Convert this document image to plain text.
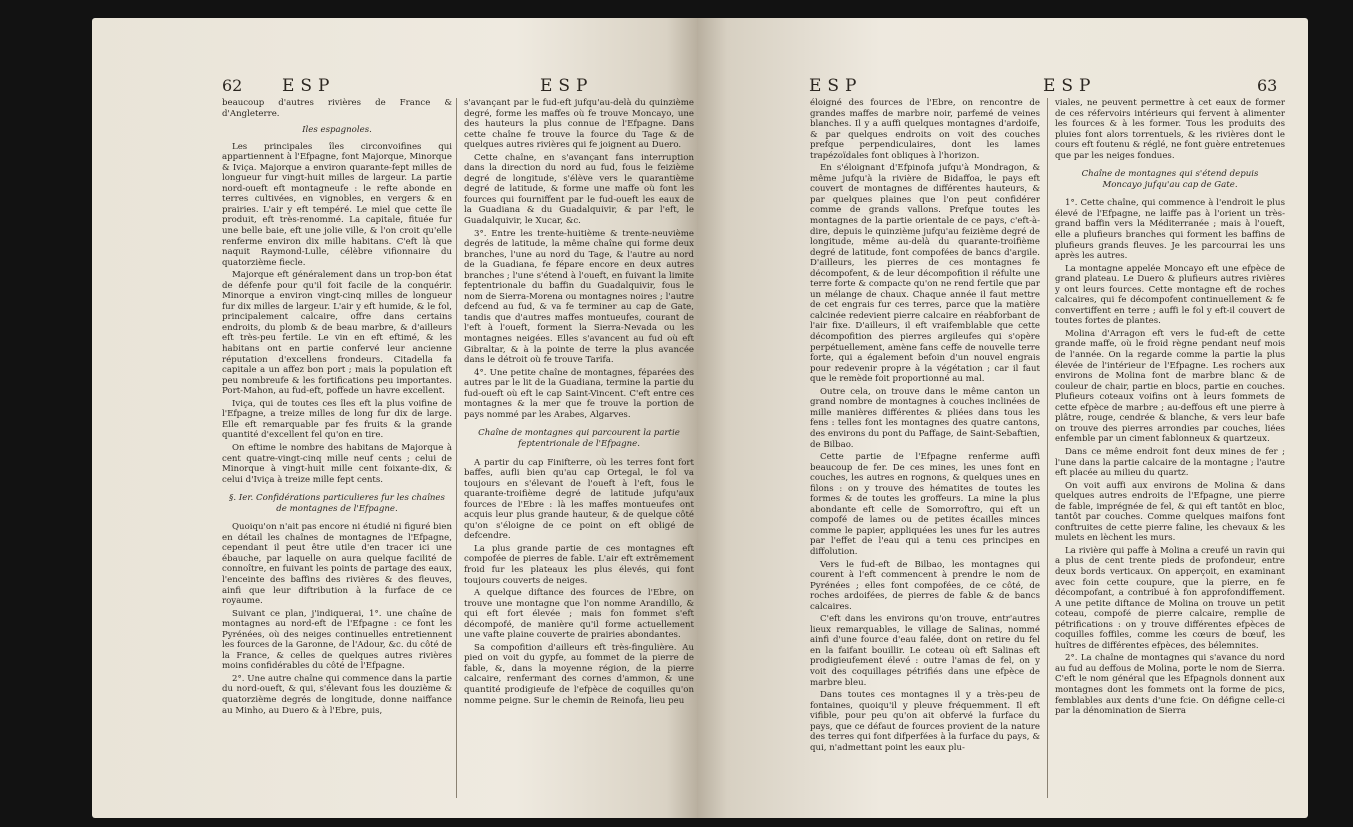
62 ESP	ESP

beaucoup d'autres rivières de France & d'Angleterre.

Iles espagnoles.

Les principales îles circonvoifines qui appartiennent à l'Efpagne, font Majorque, Minorque & Iviça. Majorque a environ quarante-fept milles de longueur fur vingt-huit milles de largeur. La partie nord-oueft eft montagneufe : le refte abonde en terres cultivées, en vignobles, en vergers & en prairies. L'air y eft tempéré. Le miel que cette île produit, eft très-renommé. La capitale, fituée fur une belle baie, eft une jolie ville, & l'on croit qu'elle renferme environ dix mille habitans. C'eft là que naquit Raymond-Lulle, célèbre vifionnaire du quatorzième fiecle.

Majorque eft généralement dans un trop-bon état de défenfe pour qu'il foit facile de la conquérir. Minorque a environ vingt-cinq milles de longueur fur dix milles de largeur. L'air y eft humide, & le fol, principalement calcaire, offre dans certains endroits, du plomb & de beau marbre, & d'ailleurs eft très-peu fertile. Le vin en eft eftimé, & les habitans ont en partie confervé leur ancienne réputation d'excellens frondeurs. Citadella fa capitale a un affez bon port ; mais la population eft peu nombreufe & les fortifications peu importantes. Port-Mahon, au fud-eft, poffede un havre excellent.

Iviça, qui de toutes ces îles eft la plus voifine de l'Efpagne, a treize milles de long fur dix de large. Elle eft remarquable par fes fruits & la grande quantité d'excellent fel qu'on en tire.

On eftime le nombre des habitans de Majorque à cent quatre-vingt-cinq mille neuf cents ; celui de Minorque à vingt-huit mille cent foixante-dix, & celui d'Iviça à treize mille fept cents.

§. Ier. Confidérations particulieres fur les chaînes de montagnes de l'Efpagne.

Quoiqu'on n'ait pas encore ni étudié ni figuré bien en détail les chaînes de montagnes de l'Efpagne, cependant il peut être utile d'en tracer ici une ébauche, par laquelle on aura quelque facilité de connoître, en fuivant les points de partage des eaux, l'enceinte des baffins des rivières & des fleuves, ainfi que leur diftribution à la furface de ce royaume.

Suivant ce plan, j'indiquerai, 1°. une chaîne de montagnes au nord-eft de l'Efpagne : ce font les Pyrénées, où des neiges continuelles entretiennent les fources de la Garonne, de l'Adour, &c. du côté de la France, & celles de quelques autres rivières moins confidérables du côté de l'Efpagne.

2°. Une autre chaîne qui commence dans la partie du nord-oueft, & qui, s'élevant fous les douzième & quatorzième degrés de longitude, donne naiffance au Minho, au Duero & à l'Ebre, puis,

s'avançant par le fud-eft jufqu'au-delà du quinzième degré, forme les maffes où fe trouve Moncayo, une des hauteurs la plus connue de l'Efpagne. Dans cette chaîne fe trouve la fource du Tage & de quelques autres rivières qui fe joignent au Duero.

Cette chaîne, en s'avançant fans interruption dans la direction du nord au fud, fous le feizième degré de longitude, s'élève vers le quarantième degré de latitude, & forme une maffe où font les fources qui fourniffent par le fud-oueft les eaux de la Guadiana & du Guadalquivir, & par l'eft, le Guadalquivir, le Xucar, &c.

3°. Entre les trente-huitième & trente-neuvième degrés de latitude, la même chaîne qui forme deux branches, l'une au nord du Tage, & l'autre au nord de la Guadiana, fe fépare encore en deux autres branches ; l'une s'étend à l'oueft, en fuivant la limite feptentrionale du baffin du Guadalquivir, fous le nom de Sierra-Morena ou montagnes noires ; l'autre defcend au fud, & va fe terminer au cap de Gate, tandis que d'autres maffes montueufes, courant de l'eft à l'oueft, forment la Sierra-Nevada ou les montagnes neigées. Elles s'avancent au fud où eft Gibraltar, & à la pointe de terre la plus avancée dans le détroit où fe trouve Tarifa.

4°. Une petite chaîne de montagnes, féparées des autres par le lit de la Guadiana, termine la partie du fud-oueft où eft le cap Saint-Vincent. C'eft entre ces montagnes & la mer que fe trouve la portion de pays nommé par les Arabes, Algarves.

Chaîne de montagnes qui parcourent la partie feptentrionale de l'Efpagne.

A partir du cap Finifterre, où les terres font fort baffes, aufli bien qu'au cap Ortegal, le fol va toujours en s'élevant de l'oueft à l'eft, fous le quarante-troifième degré de latitude jufqu'aux fources de l'Ebre : là les maffes montueufes ont acquis leur plus grande hauteur, & de quelque côté qu'on s'éloigne de ce point on eft obligé de defcendre.

La plus grande partie de ces montagnes eft compofée de pierres de fable. L'air eft extrêmement froid fur les plateaux les plus élevés, qui font toujours couverts de neiges.

A quelque diftance des fources de l'Ebre, on trouve une montagne que l'on nomme Arandillo, & qui eft fort élevée ; mais fon fommet s'eft décompofé, de manière qu'il forme actuellement une vafte plaine couverte de prairies abondantes.

Sa compofition d'ailleurs eft très-fingulière. Au pied on voit du gypfe, au fommet de la pierre de fable, &, dans la moyenne région, de la pierre calcaire, renfermant des cornes d'ammon, & une quantité prodigieufe de l'efpèce de coquilles qu'on nomme peigne. Sur le chemin de Reinofa, lieu peu

ESP	ESP	63

éloigné des fources de l'Ebre, on rencontre de grandes maffes de marbre noir, parfemé de veines blanches. Il y a auffi quelques montagnes d'ardoife, & par quelques endroits on voit des couches prefque perpendiculaires, dont les lames trapézoïdales font obliques à l'horizon.

En s'éloignant d'Efpinofa jufqu'à Mondragon, & même jufqu'à la rivière de Bidaffoa, le pays eft couvert de montagnes de différentes hauteurs, & par quelques plaines que l'on peut confidérer comme de grands vallons. Prefque toutes les montagnes de la partie orientale de ce pays, c'eft-à-dire, depuis le quinzième jufqu'au feizième degré de longitude, même au-delà du quarante-troifième degré de latitude, font compofées de bancs d'argile. D'ailleurs, les pierres de ces montagnes fe décompofent, & de leur décompofition il réfulte une terre forte & compacte qu'on ne rend fertile que par un mélange de chaux. Chaque année il faut mettre de cet engrais fur ces terres, parce que la matière calcinée redevient pierre calcaire en réabforbant de l'air fixe. D'ailleurs, il eft vraifemblable que cette décompofition des pierres argileufes qui s'opère perpétuellement, amène fans ceffe de nouvelle terre forte, qui a également befoin d'un nouvel engrais pour redevenir propre à la végétation ; car il faut que le remède foit proportionné au mal.

Outre cela, on trouve dans le même canton un grand nombre de montagnes à couches inclinées de mille manières différentes & pliées dans tous les fens : telles font les montagnes des quatre cantons, des environs du pont du Paffage, de Saint-Sebaftien, de Bilbao.

Cette partie de l'Efpagne renferme auffi beaucoup de fer. De ces mines, les unes font en couches, les autres en rognons, & quelques unes en filons : on y trouve des hématites de toutes les formes & de toutes les groffeurs. La mine la plus abondante eft celle de Somorroftro, qui eft un compofé de lames ou de petites écailles minces comme le papier, appliquées les unes fur les autres par l'effet de l'eau qui a tenu ces principes en diffolution.

Vers le fud-eft de Bilbao, les montagnes qui courent à l'eft commencent à prendre le nom de Pyrénées ; elles font compofées, de ce côté, de roches ardoifées, de pierres de fable & de bancs calcaires.

C'eft dans les environs qu'on trouve, entr'autres lieux remarquables, le village de Salinas, nommé ainfi d'une fource d'eau falée, dont on retire du fel en la faifant bouillir. Le coteau où eft Salinas eft prodigieufement élevé : outre l'amas de fel, on y voit des coquillages pétrifiés dans une efpèce de marbre bleu.

Dans toutes ces montagnes il y a très-peu de fontaines, quoiqu'il y pleuve fréquemment. Il eft vifible, pour peu qu'on ait obfervé la furface du pays, que ce défaut de fources provient de la nature des terres qui font difperfées à la furface du pays, & qui, n'admettant point les eaux plu-

viales, ne peuvent permettre à cet eaux de former de ces réfervoirs intérieurs qui fervent à alimenter les fources & à les former. Tous les produits des pluies font alors torrentuels, & les rivières dont le cours eft foutenu & réglé, ne font guère entretenues que par les neiges fondues.

Chaîne de montagnes qui s'étend depuis Moncayo jufqu'au cap de Gate.

1°. Cette chaîne, qui commence à l'endroit le plus élevé de l'Efpagne, ne laiffe pas à l'orient un très-grand baffin vers la Méditerranée ; mais à l'oueft, elle a plufieurs branches qui forment les baffins de plufieurs grands fleuves. Je les parcourrai les uns après les autres.

La montagne appelée Moncayo eft une efpèce de grand plateau. Le Duero & plufieurs autres rivières y ont leurs fources. Cette montagne eft de roches calcaires, qui fe décompofent continuellement & fe convertiffent en terre ; auffi le fol y eft-il couvert de toutes fortes de plantes.

Molina d'Arragon eft vers le fud-eft de cette grande maffe, où le froid règne pendant neuf mois de l'année. On la regarde comme la partie la plus élevée de l'intérieur de l'Efpagne. Les rochers aux environs de Molina font de marbre blanc & de couleur de chair, partie en blocs, partie en couches. Plufieurs coteaux voifins ont à leurs fommets de cette efpèce de marbre ; au-deffous eft une pierre à plâtre, rouge, cendrée & blanche, & vers leur bafe on trouve des pierres arrondies par couches, liées enfemble par un ciment fablonneux & quartzeux.

Dans ce même endroit font deux mines de fer ; l'une dans la partie calcaire de la montagne ; l'autre eft placée au milieu du quartz.

On voit auffi aux environs de Molina & dans quelques autres endroits de l'Efpagne, une pierre de fable, imprégnée de fel, & qui eft tantôt en bloc, tantôt par couches. Comme quelques maifons font conftruites de cette pierre faline, les chevaux & les mulets en lèchent les murs.

La rivière qui paffe à Molina a creufé un ravin qui a plus de cent trente pieds de profondeur, entre deux bords verticaux. On apperçoit, en examinant avec foin cette coupure, que la pierre, en fe décompofant, a contribué à fon approfondiffement. A une petite diftance de Molina on trouve un petit coteau, compofé de pierre calcaire, remplie de pétrifications : on y trouve différentes efpèces de coquilles foffiles, comme les cœurs de bœuf, les huîtres de différentes efpèces, des bélemnites.

2°. La chaîne de montagnes qui s'avance du nord au fud au deffous de Molina, porte le nom de Sierra. C'eft le nom général que les Efpagnols donnent aux montagnes dont les fommets ont la forme de pics, femblables aux dents d'une fcie. On défigne celle-ci par la dénomination de Sierra
